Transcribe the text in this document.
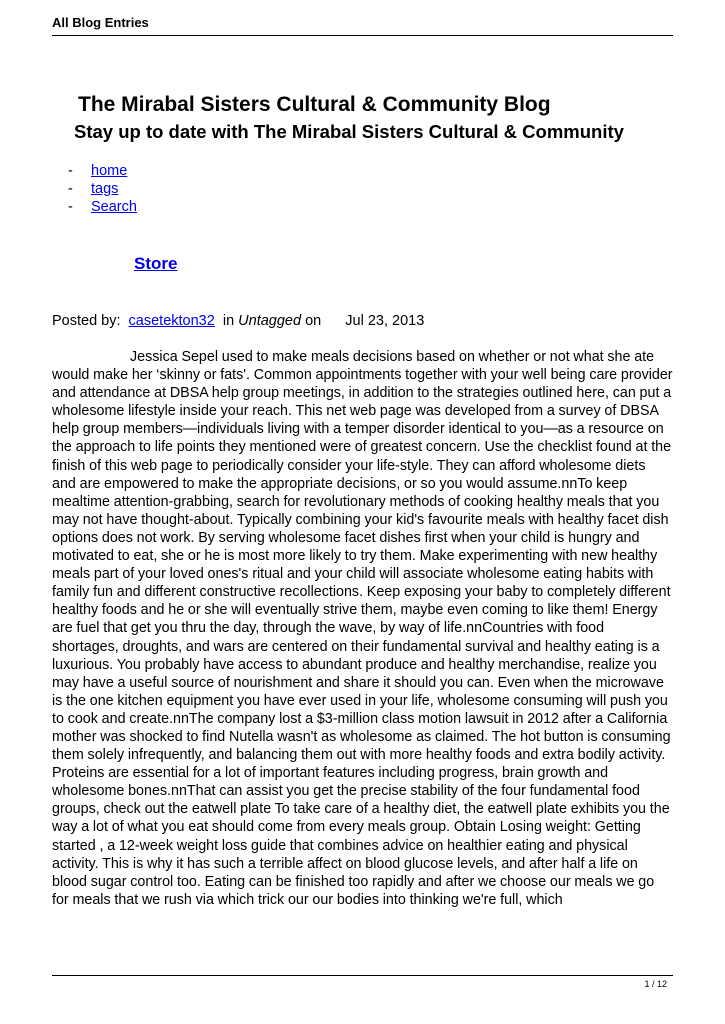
All Blog Entries
The Mirabal Sisters Cultural & Community Blog
Stay up to date with The Mirabal Sisters Cultural & Community
-	home
-	tags
-	Search
Store
Posted by: casetekton32 in Untagged on Jul 23, 2013

Jessica Sepel used to make meals decisions based on whether or not what she ate would make her ‘skinny or fats'. Common appointments together with your well being care provider and attendance at DBSA help group meetings, in addition to the strategies outlined here, can put a wholesome lifestyle inside your reach. This net web page was developed from a survey of DBSA help group members—individuals living with a temper disorder identical to you—as a resource on the approach to life points they mentioned were of greatest concern. Use the checklist found at the finish of this web page to periodically consider your life-style. They can afford wholesome diets and are empowered to make the appropriate decisions, or so you would assume.nnTo keep mealtime attention-grabbing, search for revolutionary methods of cooking healthy meals that you may not have thought-about. Typically combining your kid's favourite meals with healthy facet dish options does not work. By serving wholesome facet dishes first when your child is hungry and motivated to eat, she or he is most more likely to try them. Make experimenting with new healthy meals part of your loved ones's ritual and your child will associate wholesome eating habits with family fun and different constructive recollections. Keep exposing your baby to completely different healthy foods and he or she will eventually strive them, maybe even coming to like them! Energy are fuel that get you thru the day, through the wave, by way of life.nnCountries with food shortages, droughts, and wars are centered on their fundamental survival and healthy eating is a luxurious. You probably have access to abundant produce and healthy merchandise, realize you may have a useful source of nourishment and share it should you can. Even when the microwave is the one kitchen equipment you have ever used in your life, wholesome consuming will push you to cook and create.nnThe company lost a $3-million class motion lawsuit in 2012 after a California mother was shocked to find Nutella wasn't as wholesome as claimed. The hot button is consuming them solely infrequently, and balancing them out with more healthy foods and extra bodily activity. Proteins are essential for a lot of important features including progress, brain growth and wholesome bones.nnThat can assist you get the precise stability of the four fundamental food groups, check out the eatwell plate To take care of a healthy diet, the eatwell plate exhibits you the way a lot of what you eat should come from every meals group. Obtain Losing weight: Getting started , a 12-week weight loss guide that combines advice on healthier eating and physical activity. This is why it has such a terrible affect on blood glucose levels, and after half a life on blood sugar control too. Eating can be finished too rapidly and after we choose our meals we go for meals that we rush via which trick our our bodies into thinking we're full, which

1 / 12
